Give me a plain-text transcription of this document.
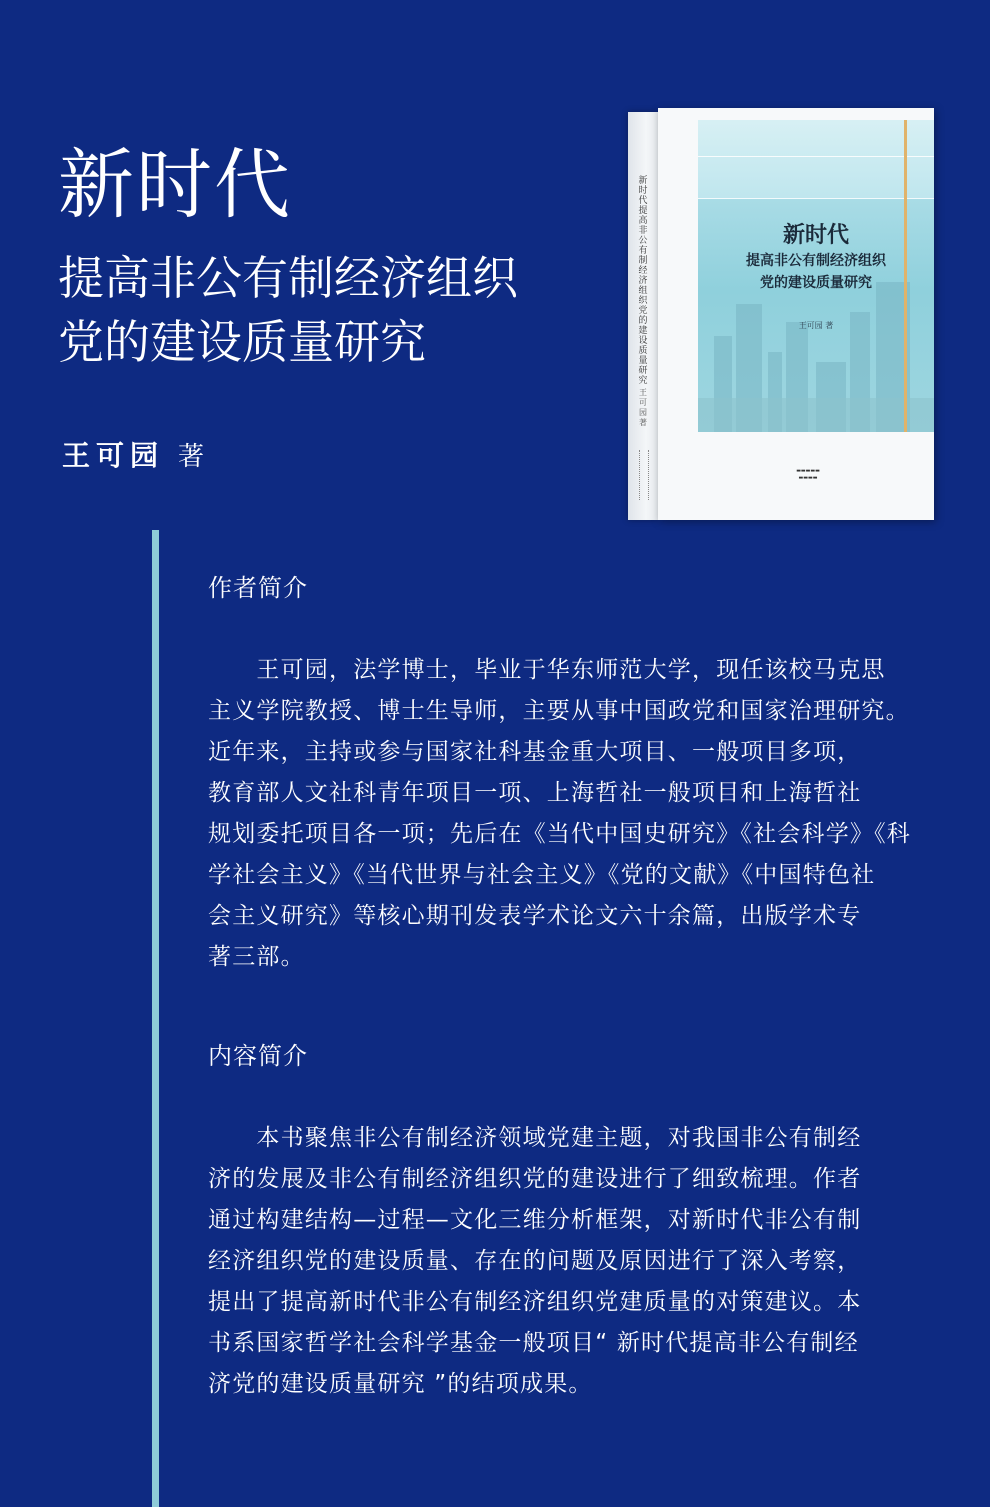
新时代
提高非公有制经济组织
党的建设质量研究
王可园 著
新时代提高非公有制经济组织党的建设质量研究
王可园著
新时代
提高非公有制经济组织
党的建设质量研究
王可园 著
▬▬▬▬▬
▬▬▬▬
作者简介
　　王可园，法学博士，毕业于华东师范大学，现任该校马克思
主义学院教授、博士生导师，主要从事中国政党和国家治理研究。
近年来，主持或参与国家社科基金重大项目、一般项目多项，
教育部人文社科青年项目一项、上海哲社一般项目和上海哲社
规划委托项目各一项；先后在《当代中国史研究》《社会科学》《科
学社会主义》《当代世界与社会主义》《党的文献》《中国特色社
会主义研究》等核心期刊发表学术论文六十余篇，出版学术专
著三部。
内容简介
　　本书聚焦非公有制经济领域党建主题，对我国非公有制经
济的发展及非公有制经济组织党的建设进行了细致梳理。作者
通过构建结构—过程—文化三维分析框架，对新时代非公有制
经济组织党的建设质量、存在的问题及原因进行了深入考察，
提出了提高新时代非公有制经济组织党建质量的对策建议。本
书系国家哲学社会科学基金一般项目“ 新时代提高非公有制经
济党的建设质量研究 ”的结项成果。
